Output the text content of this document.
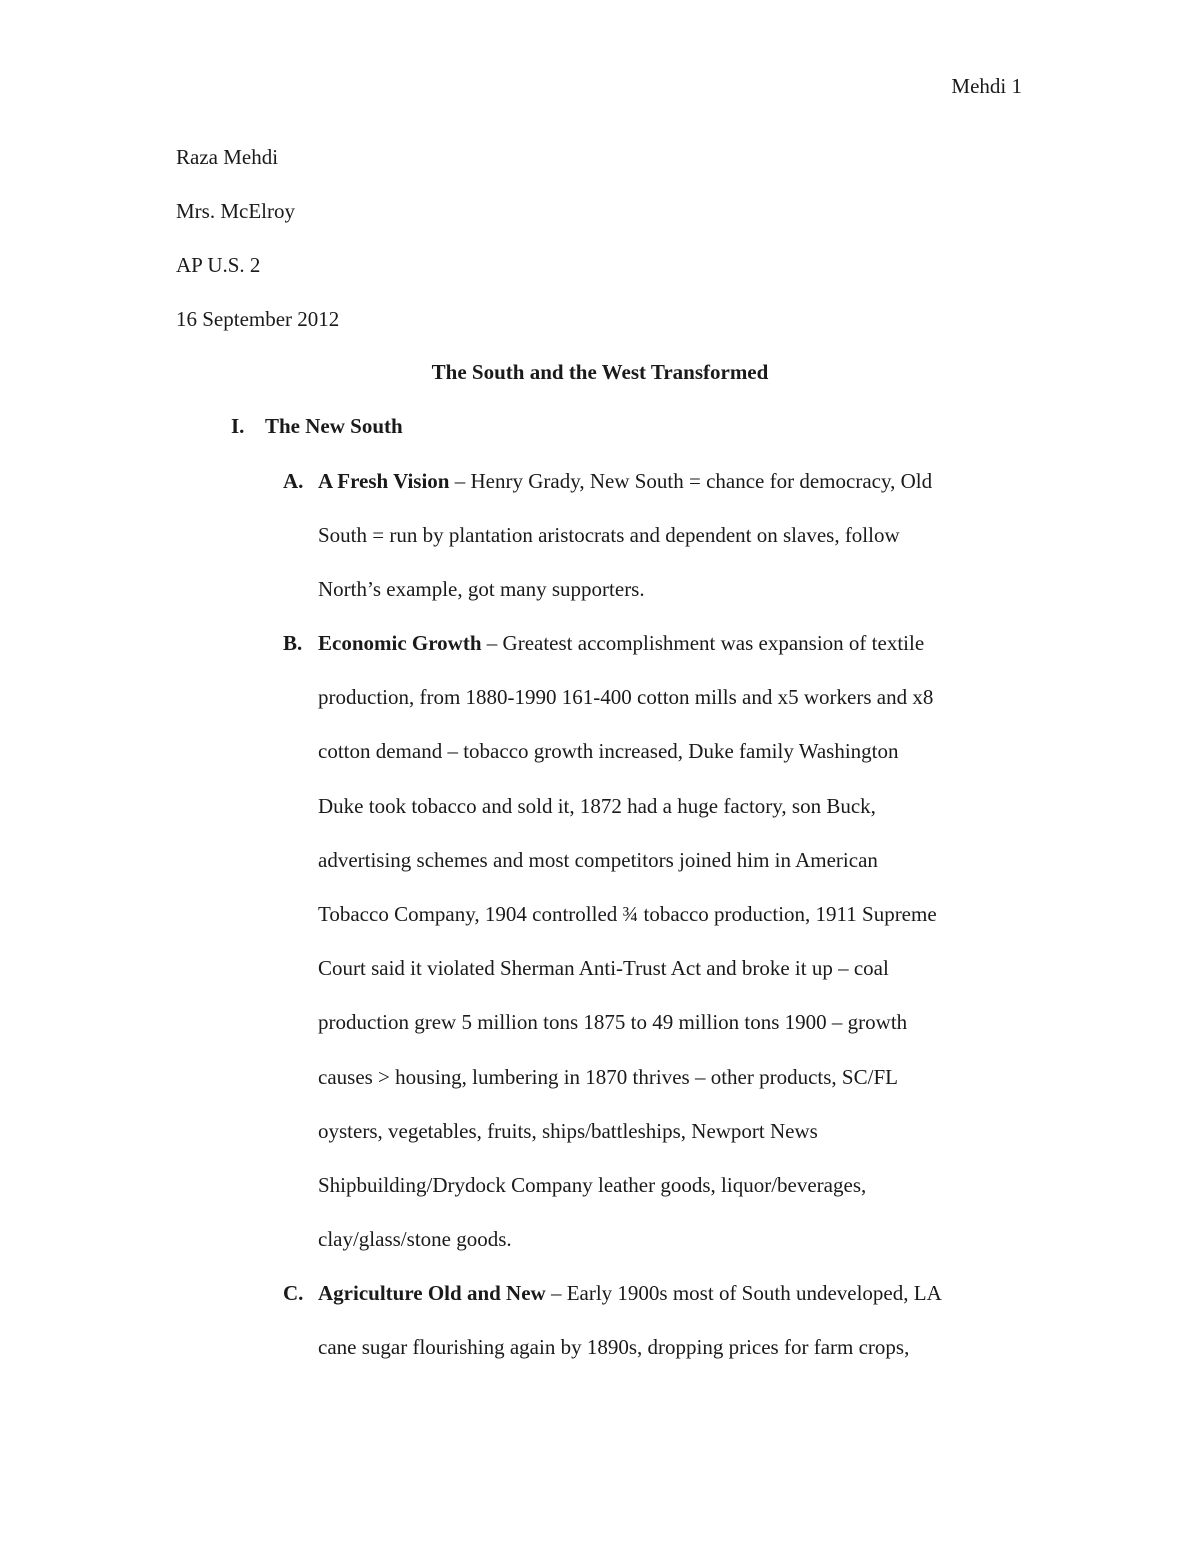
Mehdi 1
Raza Mehdi
Mrs. McElroy
AP U.S. 2
16 September 2012
The South and the West Transformed
I. The New South
A. A Fresh Vision – Henry Grady, New South = chance for democracy, Old
South = run by plantation aristocrats and dependent on slaves, follow
North’s example, got many supporters.
B. Economic Growth – Greatest accomplishment was expansion of textile
production, from 1880-1990 161-400 cotton mills and x5 workers and x8
cotton demand – tobacco growth increased, Duke family Washington
Duke took tobacco and sold it, 1872 had a huge factory, son Buck,
advertising schemes and most competitors joined him in American
Tobacco Company, 1904 controlled ¾ tobacco production, 1911 Supreme
Court said it violated Sherman Anti-Trust Act and broke it up – coal
production grew 5 million tons 1875 to 49 million tons 1900 – growth
causes > housing, lumbering in 1870 thrives – other products, SC/FL
oysters, vegetables, fruits, ships/battleships, Newport News
Shipbuilding/Drydock Company leather goods, liquor/beverages,
clay/glass/stone goods.
C. Agriculture Old and New – Early 1900s most of South undeveloped, LA
cane sugar flourishing again by 1890s, dropping prices for farm crops,
